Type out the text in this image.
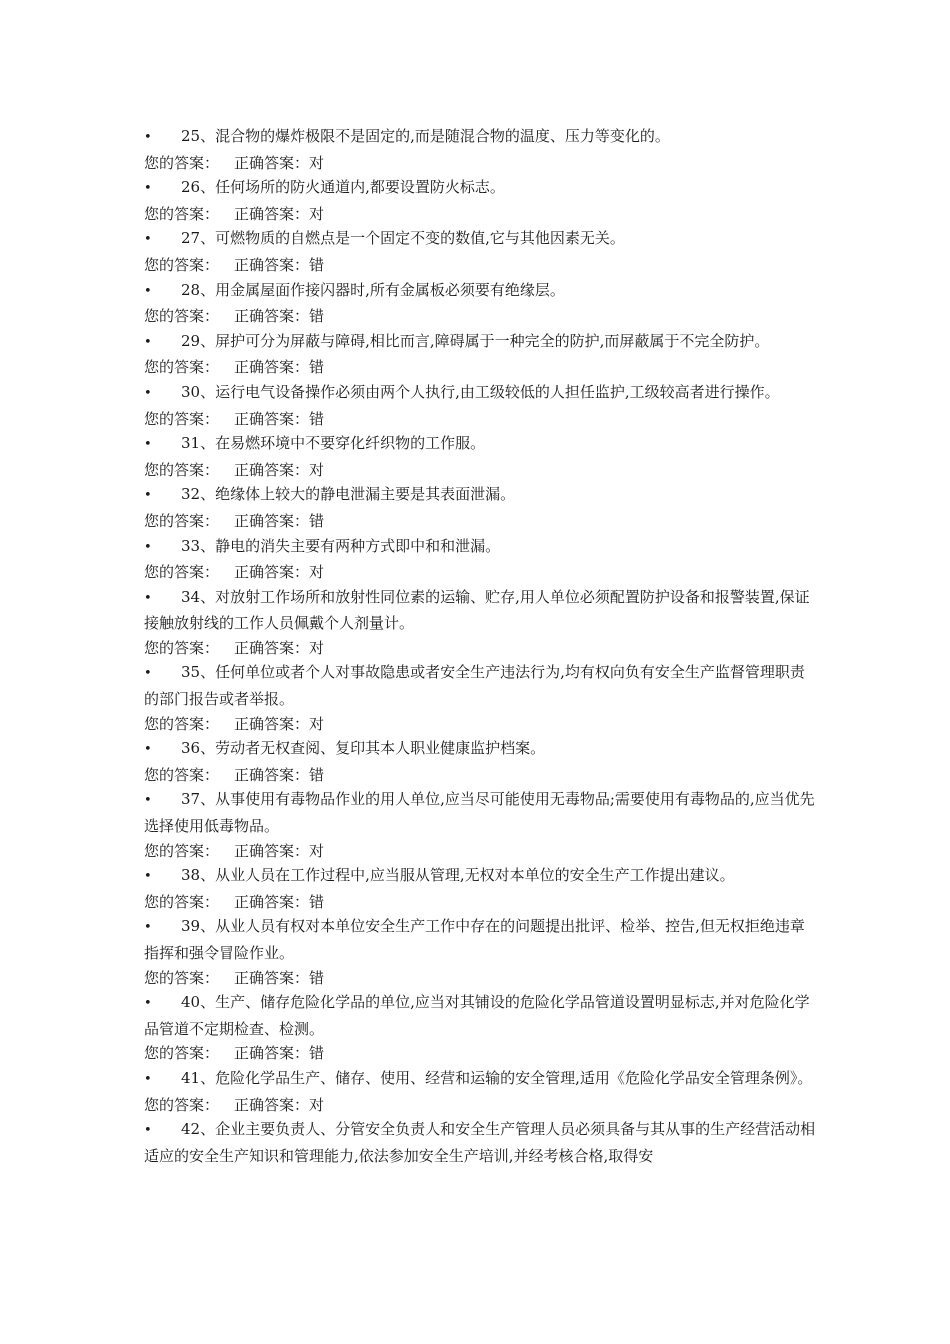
• 25、混合物的爆炸极限不是固定的,而是随混合物的温度、压力等变化的。

您的答案： 正确答案：对

• 26、任何场所的防火通道内,都要设置防火标志。

您的答案： 正确答案：对

• 27、可燃物质的自燃点是一个固定不变的数值,它与其他因素无关。

您的答案： 正确答案：错

• 28、用金属屋面作接闪器时,所有金属板必须要有绝缘层。

您的答案： 正确答案：错

• 29、屏护可分为屏蔽与障碍,相比而言,障碍属于一种完全的防护,而屏蔽属于不完全防护。

您的答案： 正确答案：错

• 30、运行电气设备操作必须由两个人执行,由工级较低的人担任监护,工级较高者进行操作。

您的答案： 正确答案：错

• 31、在易燃环境中不要穿化纤织物的工作服。

您的答案： 正确答案：对

• 32、绝缘体上较大的静电泄漏主要是其表面泄漏。

您的答案： 正确答案：错

• 33、静电的消失主要有两种方式即中和和泄漏。

您的答案： 正确答案：对

• 34、对放射工作场所和放射性同位素的运输、贮存,用人单位必须配置防护设备和报警装置,保证接触放射线的工作人员佩戴个人剂量计。

您的答案： 正确答案：对

• 35、任何单位或者个人对事故隐患或者安全生产违法行为,均有权向负有安全生产监督管理职责的部门报告或者举报。

您的答案： 正确答案：对

• 36、劳动者无权查阅、复印其本人职业健康监护档案。

您的答案： 正确答案：错

• 37、从事使用有毒物品作业的用人单位,应当尽可能使用无毒物品;需要使用有毒物品的,应当优先选择使用低毒物品。

您的答案： 正确答案：对

• 38、从业人员在工作过程中,应当服从管理,无权对本单位的安全生产工作提出建议。

您的答案： 正确答案：错

• 39、从业人员有权对本单位安全生产工作中存在的问题提出批评、检举、控告,但无权拒绝违章指挥和强令冒险作业。

您的答案： 正确答案：错

• 40、生产、储存危险化学品的单位,应当对其铺设的危险化学品管道设置明显标志,并对危险化学品管道不定期检查、检测。

您的答案： 正确答案：错

• 41、危险化学品生产、储存、使用、经营和运输的安全管理,适用《危险化学品安全管理条例》。

您的答案： 正确答案：对

• 42、企业主要负责人、分管安全负责人和安全生产管理人员必须具备与其从事的生产经营活动相适应的安全生产知识和管理能力,依法参加安全生产培训,并经考核合格,取得安
